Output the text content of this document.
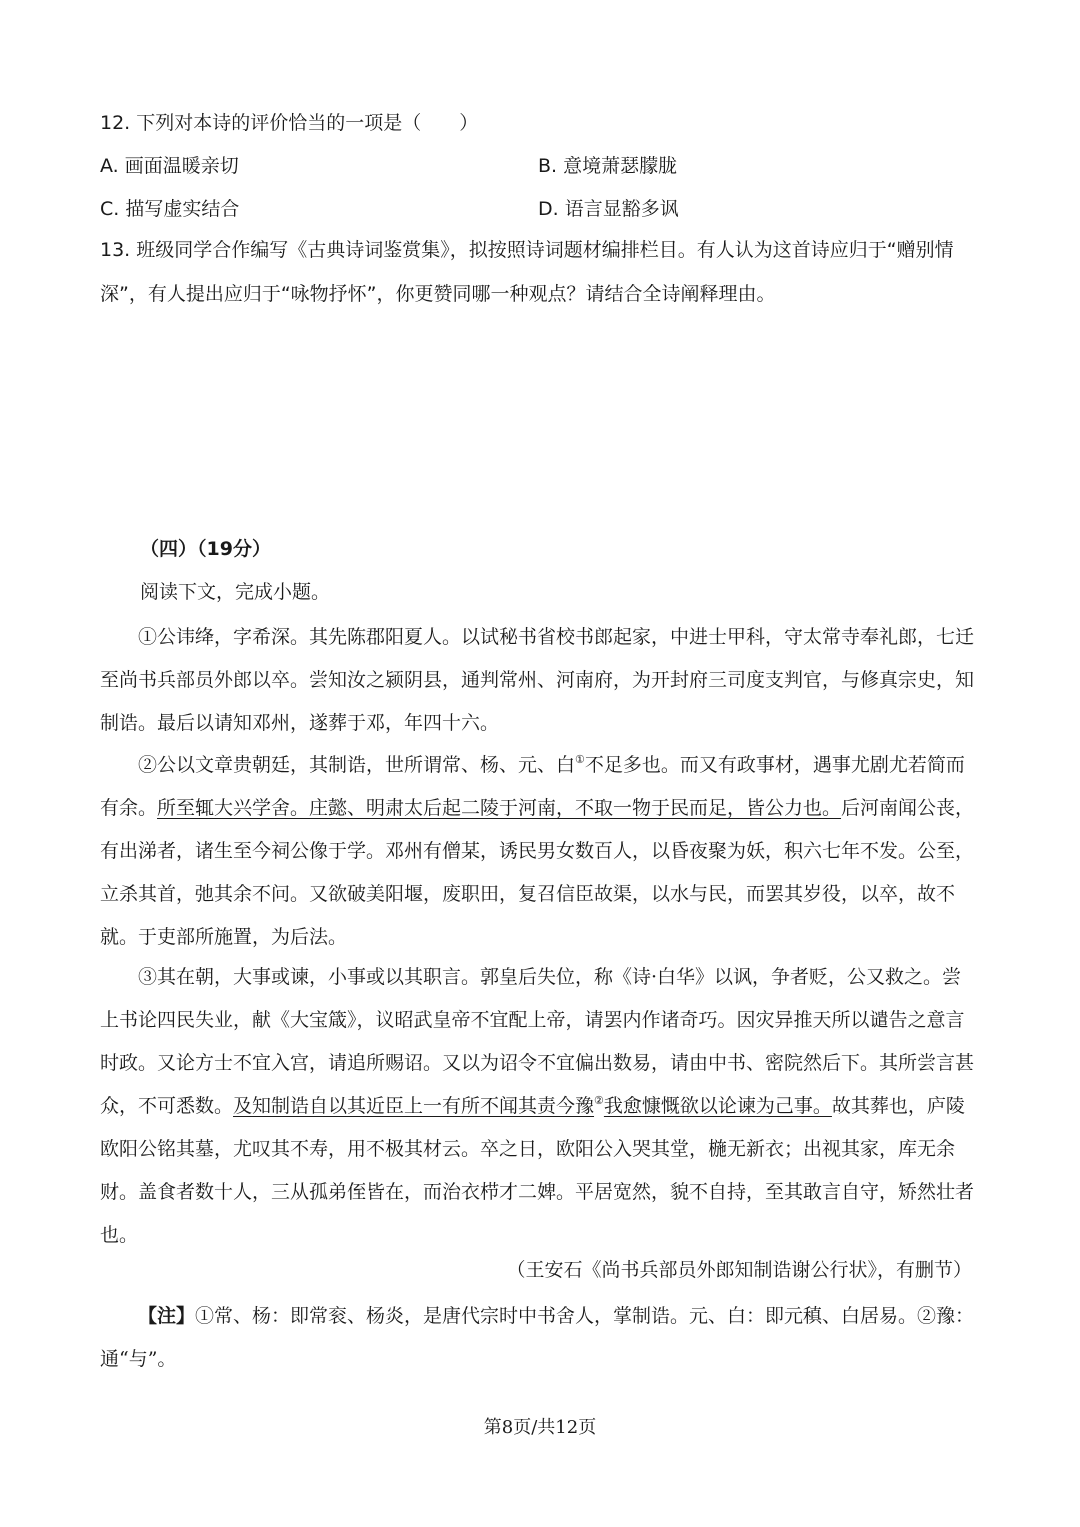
12. 下列对本诗的评价恰当的一项是（　　）
A. 画面温暖亲切	B. 意境萧瑟朦胧
C. 描写虚实结合	D. 语言显豁多讽
13. 班级同学合作编写《古典诗词鉴赏集》，拟按照诗词题材编排栏目。有人认为这首诗应归于“赠别情
深”，有人提出应归于“咏物抒怀”，你更赞同哪一种观点？请结合全诗阐释理由。
（四）（19分）
阅读下文，完成小题。
①公讳绛，字希深。其先陈郡阳夏人。以试秘书省校书郎起家，中进士甲科，守太常寺奉礼郎，七迁
至尚书兵部员外郎以卒。尝知汝之颍阴县，通判常州、河南府，为开封府三司度支判官，与修真宗史，知
制诰。最后以请知邓州，遂葬于邓，年四十六。
②公以文章贵朝廷，其制诰，世所谓常、杨、元、白①不足多也。而又有政事材，遇事尤剧尤若简而
有余。所至辄大兴学舍。庄懿、明肃太后起二陵于河南，不取一物于民而足，皆公力也。后河南闻公丧，
有出涕者，诸生至今祠公像于学。邓州有僧某，诱民男女数百人，以昏夜聚为妖，积六七年不发。公至，
立杀其首，弛其余不问。又欲破美阳堰，废职田，复召信臣故渠，以水与民，而罢其岁役，以卒，故不
就。于吏部所施置，为后法。
③其在朝，大事或谏，小事或以其职言。郭皇后失位，称《诗·白华》以讽，争者贬，公又救之。尝
上书论四民失业，献《大宝箴》，议昭武皇帝不宜配上帝，请罢内作诸奇巧。因灾异推天所以谴告之意言
时政。又论方士不宜入宫，请追所赐诏。又以为诏令不宜偏出数易，请由中书、密院然后下。其所尝言甚
众，不可悉数。及知制诰自以其近臣上一有所不闻其责今豫②我愈慷慨欲以论谏为己事。故其葬也，庐陵
欧阳公铭其墓，尤叹其不寿，用不极其材云。卒之日，欧阳公入哭其堂，椸无新衣；出视其家，库无余
财。盖食者数十人，三从孤弟侄皆在，而治衣栉才二婢。平居宽然，貌不自持，至其敢言自守，矫然壮者
也。
（王安石《尚书兵部员外郎知制诰谢公行状》，有删节）
【注】①常、杨：即常衮、杨炎，是唐代宗时中书舍人，掌制诰。元、白：即元稹、白居易。②豫：
通“与”。
第8页/共12页
